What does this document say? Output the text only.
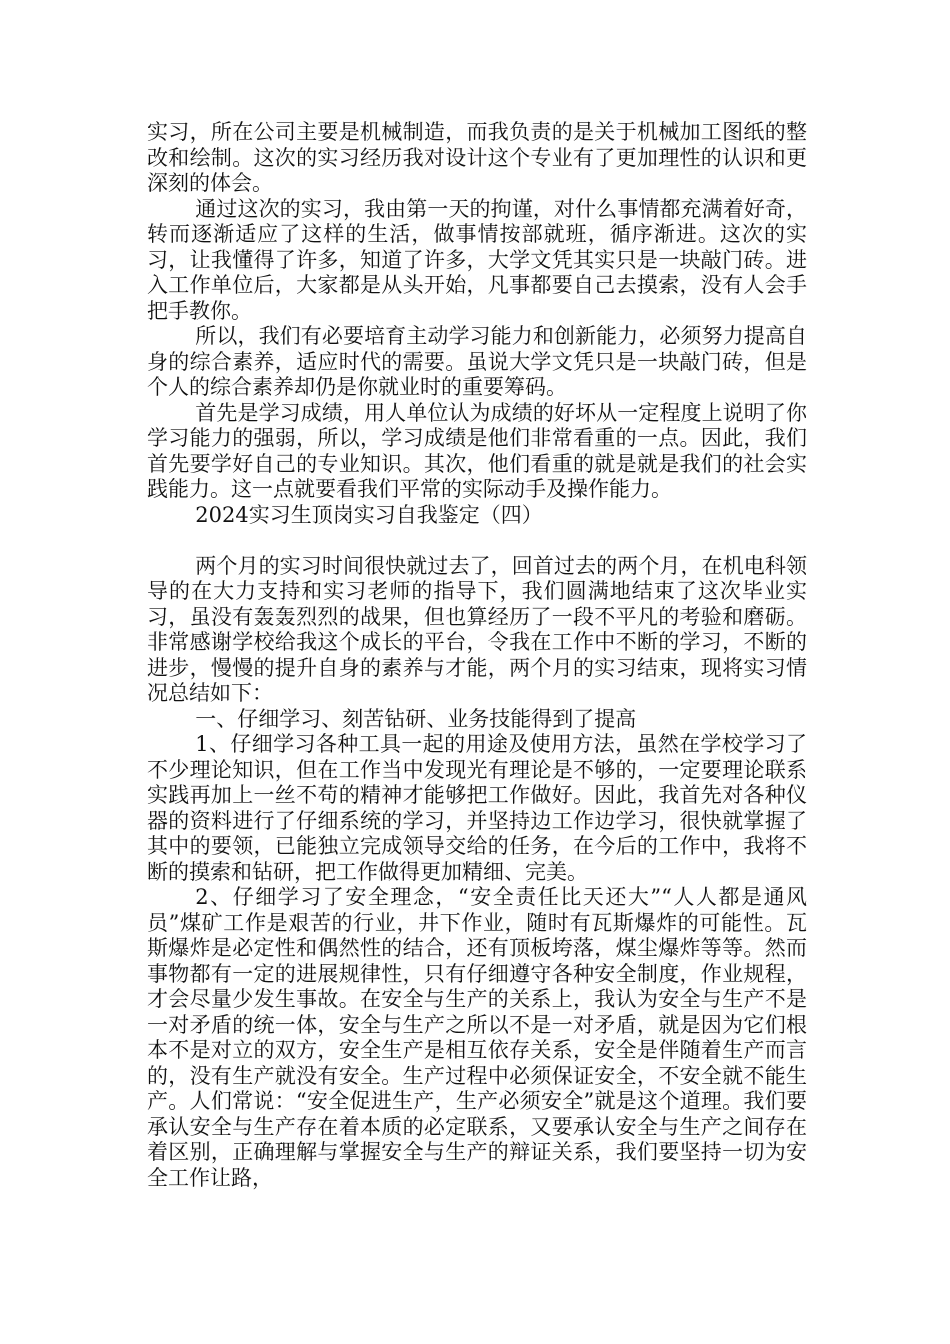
实习，所在公司主要是机械制造，而我负责的是关于机械加工图纸的整改和绘制。这次的实习经历我对设计这个专业有了更加理性的认识和更深刻的体会。

通过这次的实习，我由第一天的拘谨，对什么事情都充满着好奇，转而逐渐适应了这样的生活，做事情按部就班，循序渐进。这次的实习，让我懂得了许多，知道了许多，大学文凭其实只是一块敲门砖。进入工作单位后，大家都是从头开始，凡事都要自己去摸索，没有人会手把手教你。

所以，我们有必要培育主动学习能力和创新能力，必须努力提高自身的综合素养，适应时代的需要。虽说大学文凭只是一块敲门砖，但是个人的综合素养却仍是你就业时的重要筹码。

首先是学习成绩，用人单位认为成绩的好坏从一定程度上说明了你学习能力的强弱，所以，学习成绩是他们非常看重的一点。因此，我们首先要学好自己的专业知识。其次，他们看重的就是就是我们的社会实践能力。这一点就要看我们平常的实际动手及操作能力。

2024实习生顶岗实习自我鉴定（四）

两个月的实习时间很快就过去了，回首过去的两个月，在机电科领导的在大力支持和实习老师的指导下，我们圆满地结束了这次毕业实习，虽没有轰轰烈烈的战果，但也算经历了一段不平凡的考验和磨砺。非常感谢学校给我这个成长的平台，令我在工作中不断的学习，不断的进步，慢慢的提升自身的素养与才能，两个月的实习结束，现将实习情况总结如下：

一、仔细学习、刻苦钻研、业务技能得到了提高

1、仔细学习各种工具一起的用途及使用方法，虽然在学校学习了不少理论知识，但在工作当中发现光有理论是不够的，一定要理论联系实践再加上一丝不苟的精神才能够把工作做好。因此，我首先对各种仪器的资料进行了仔细系统的学习，并坚持边工作边学习，很快就掌握了其中的要领，已能独立完成领导交给的任务，在今后的工作中，我将不断的摸索和钻研，把工作做得更加精细、完美。

2、仔细学习了安全理念，“安全责任比天还大”“人人都是通风员”煤矿工作是艰苦的行业，井下作业，随时有瓦斯爆炸的可能性。瓦斯爆炸是必定性和偶然性的结合，还有顶板垮落，煤尘爆炸等等。然而事物都有一定的进展规律性，只有仔细遵守各种安全制度，作业规程，才会尽量少发生事故。在安全与生产的关系上，我认为安全与生产不是一对矛盾的统一体，安全与生产之所以不是一对矛盾，就是因为它们根本不是对立的双方，安全生产是相互依存关系，安全是伴随着生产而言的，没有生产就没有安全。生产过程中必须保证安全，不安全就不能生产。人们常说：“安全促进生产，生产必须安全”就是这个道理。我们要承认安全与生产存在着本质的必定联系，又要承认安全与生产之间存在着区别，正确理解与掌握安全与生产的辩证关系，我们要坚持一切为安全工作让路，
